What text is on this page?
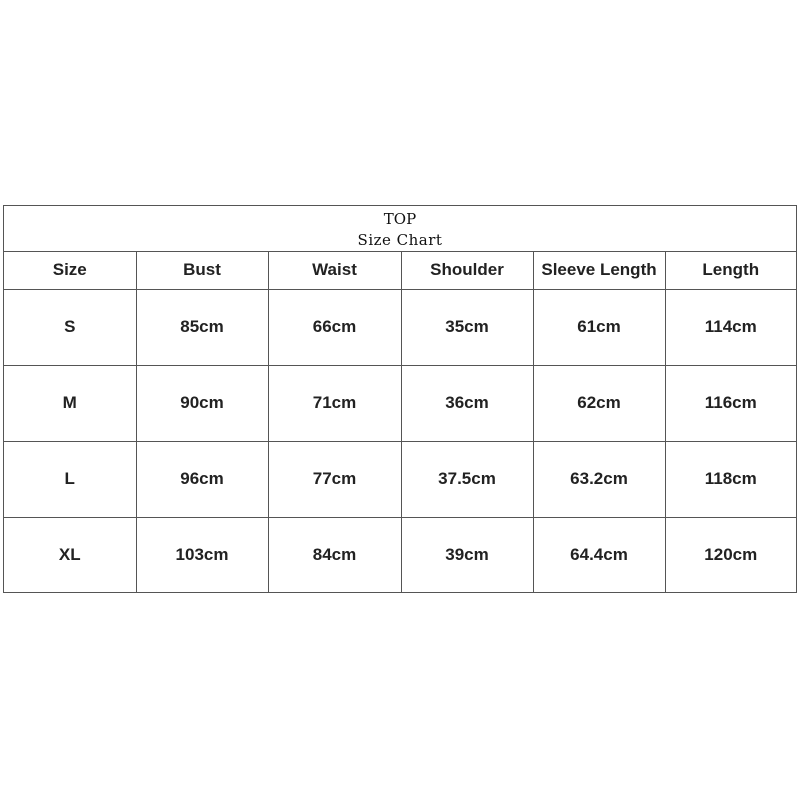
TOP
Size Chart
Size	Bust	Waist	Shoulder	Sleeve Length	Length
S	85cm	66cm	35cm	61cm	114cm
M	90cm	71cm	36cm	62cm	116cm
L	96cm	77cm	37.5cm	63.2cm	118cm
XL	103cm	84cm	39cm	64.4cm	120cm
